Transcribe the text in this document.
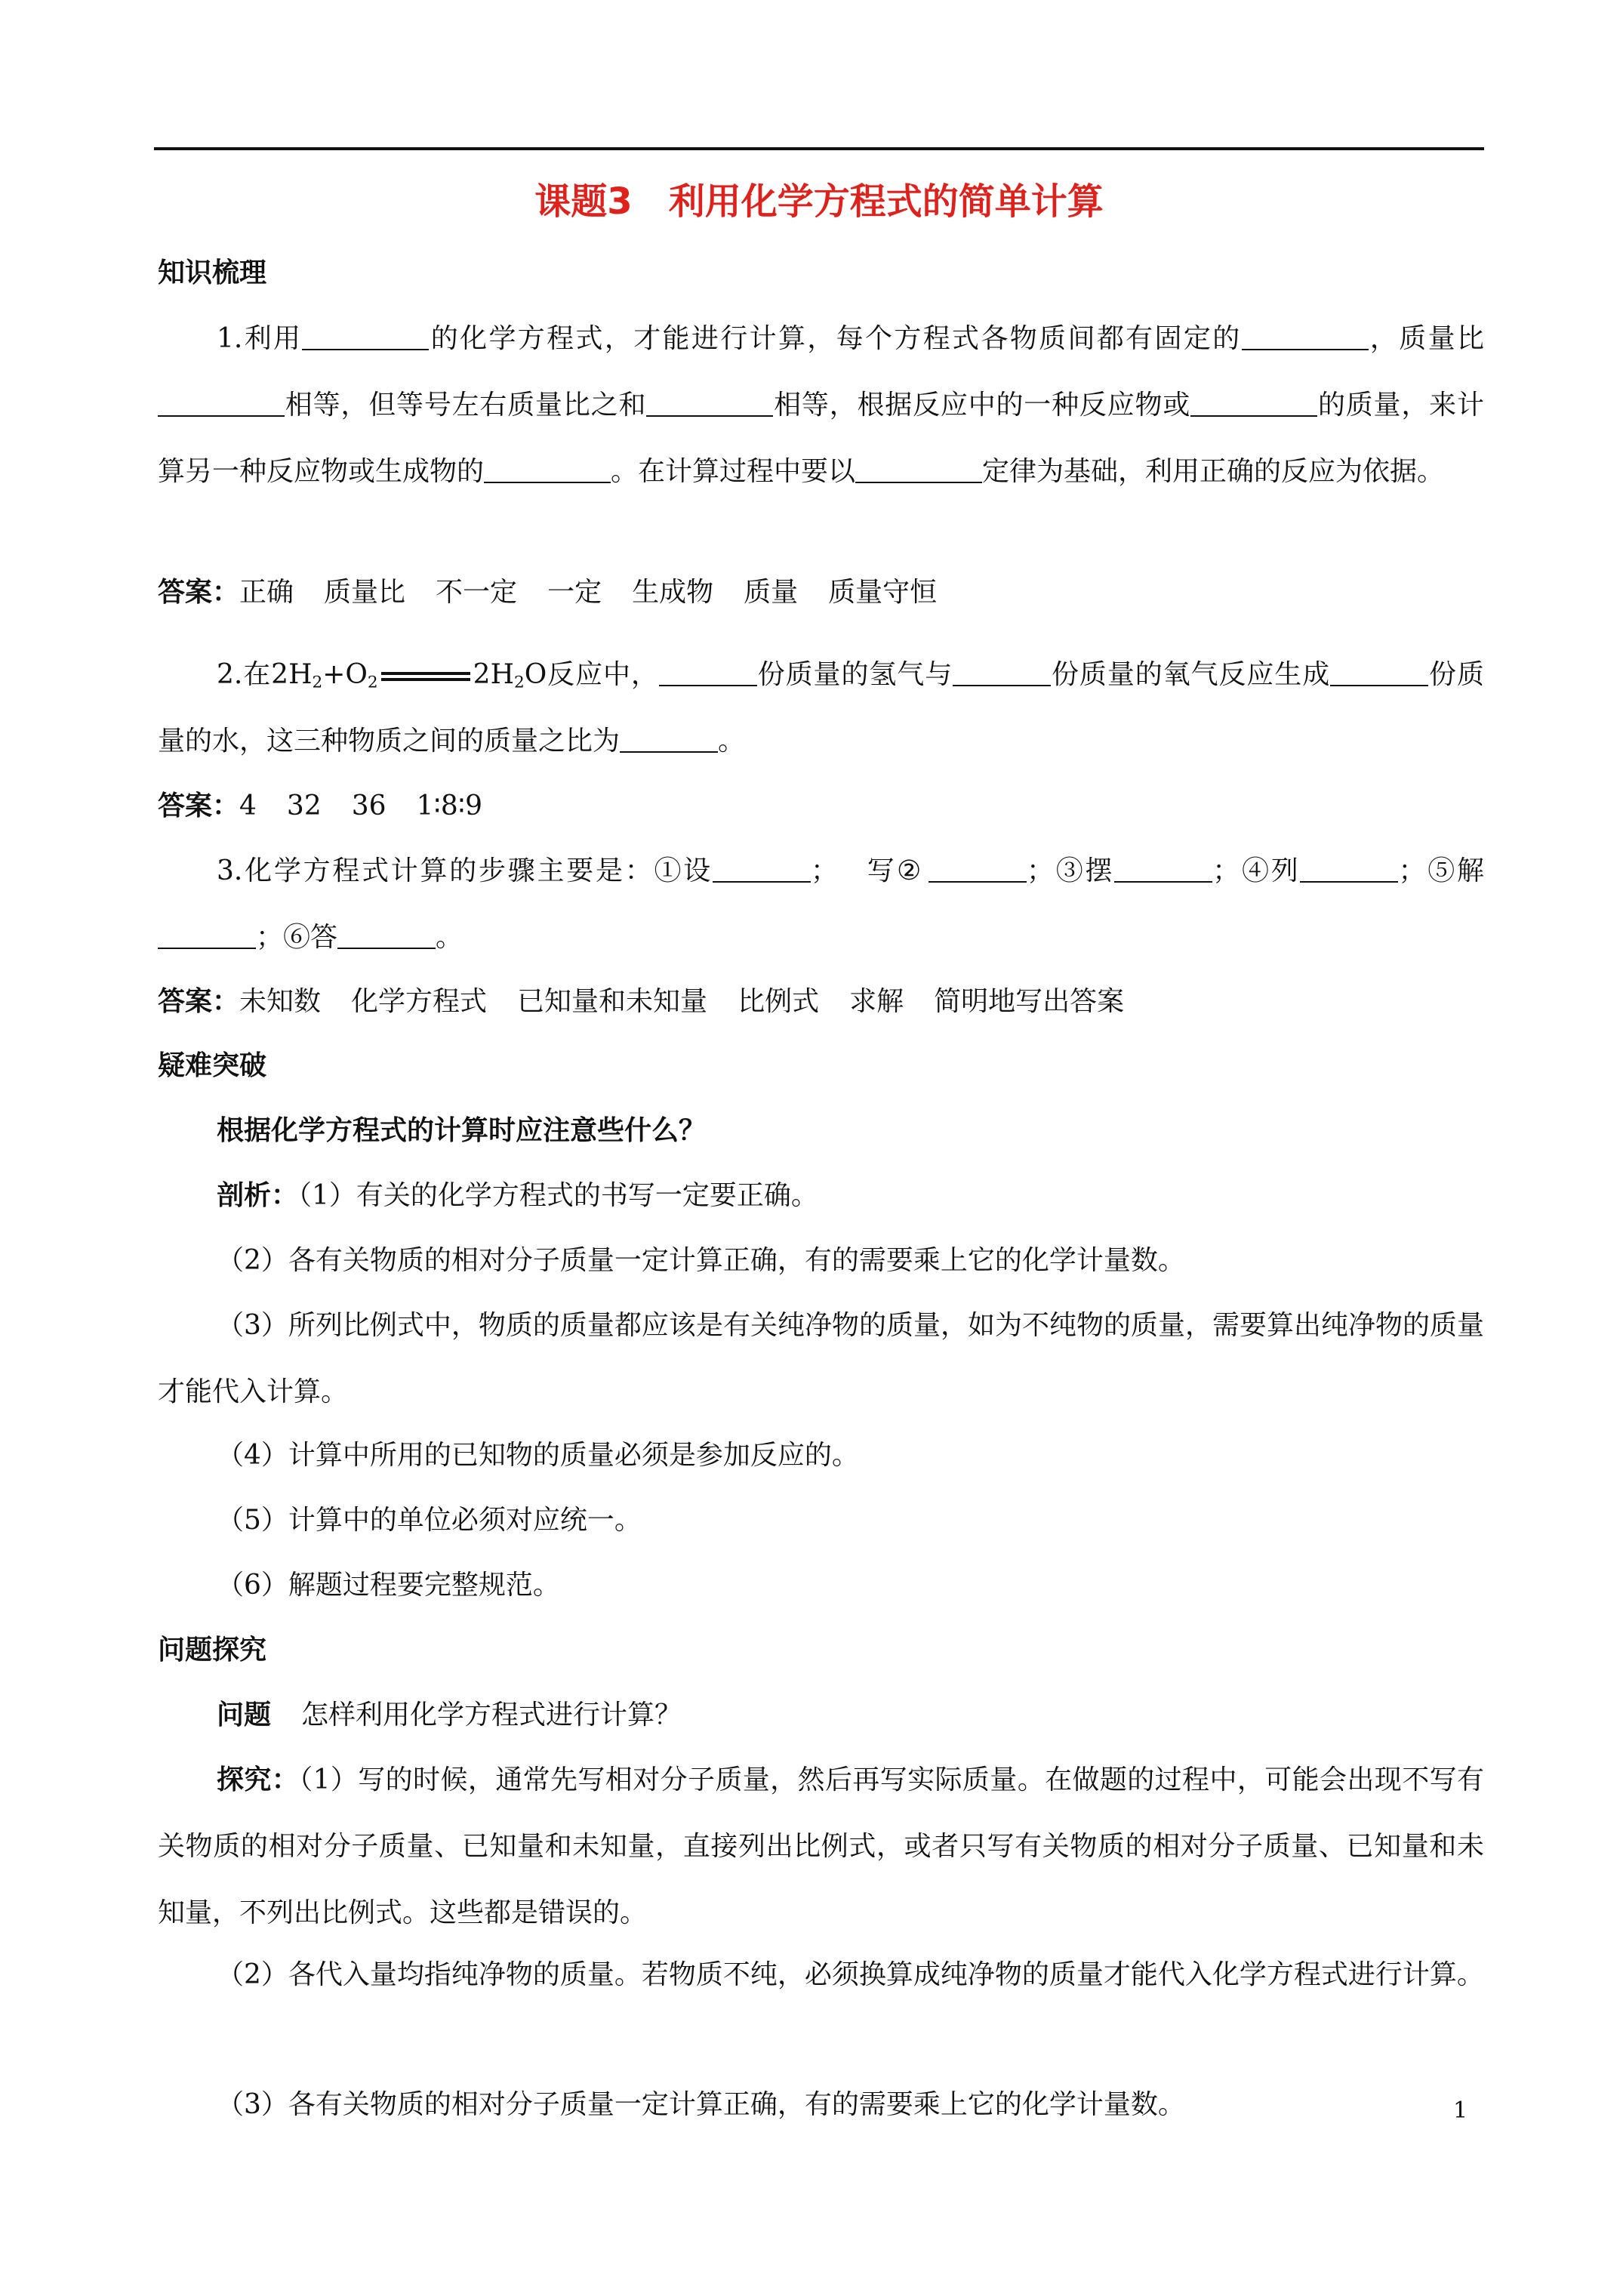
课题3 利用化学方程式的简单计算
知识梳理
1.利用	的化学方程式，才能进行计算，每个方程式各物质间都有固定的	，质量比相等，但等号左右质量比之和	相等，根据反应中的一种反应物或	的质量，来计算另一种反应物或生成物的	。在计算过程中要以	定律为基础，利用正确的反应为依据。
答案：正确 质量比 不一定 一定 生成物 质量 质量守恒
2.在$2H_2+O_2$	$2H_2O$反应中，	份质量的氢气与	份质量的氧气反应生成	份质量的水，这三种物质之间的质量之比为	。
答案：4 32 36 1∶8∶9
3.化学方程式计算的步骤主要是：①设	； ②写	；③摆	；④列	；⑤解；⑥答	。
答案：未知数 化学方程式 已知量和未知量 比例式 求解 简明地写出答案
疑难突破
根据化学方程式的计算时应注意些什么？
剖析：（1）有关的化学方程式的书写一定要正确。
（2）各有关物质的相对分子质量一定计算正确，有的需要乘上它的化学计量数。
（3）所列比例式中，物质的质量都应该是有关纯净物的质量，如为不纯物的质量，需要算出纯净物的质量才能代入计算。
（4）计算中所用的已知物的质量必须是参加反应的。
（5）计算中的单位必须对应统一。
（6）解题过程要完整规范。
问题探究
问题 怎样利用化学方程式进行计算？
探究：（1）写的时候，通常先写相对分子质量，然后再写实际质量。在做题的过程中，可能会出现不写有关物质的相对分子质量、已知量和未知量，直接列出比例式，或者只写有关物质的相对分子质量、已知量和未知量，不列出比例式。这些都是错误的。
（2）各代入量均指纯净物的质量。若物质不纯，必须换算成纯净物的质量才能代入化学方程式进行计算。
（3）各有关物质的相对分子质量一定计算正确，有的需要乘上它的化学计量数。	1
